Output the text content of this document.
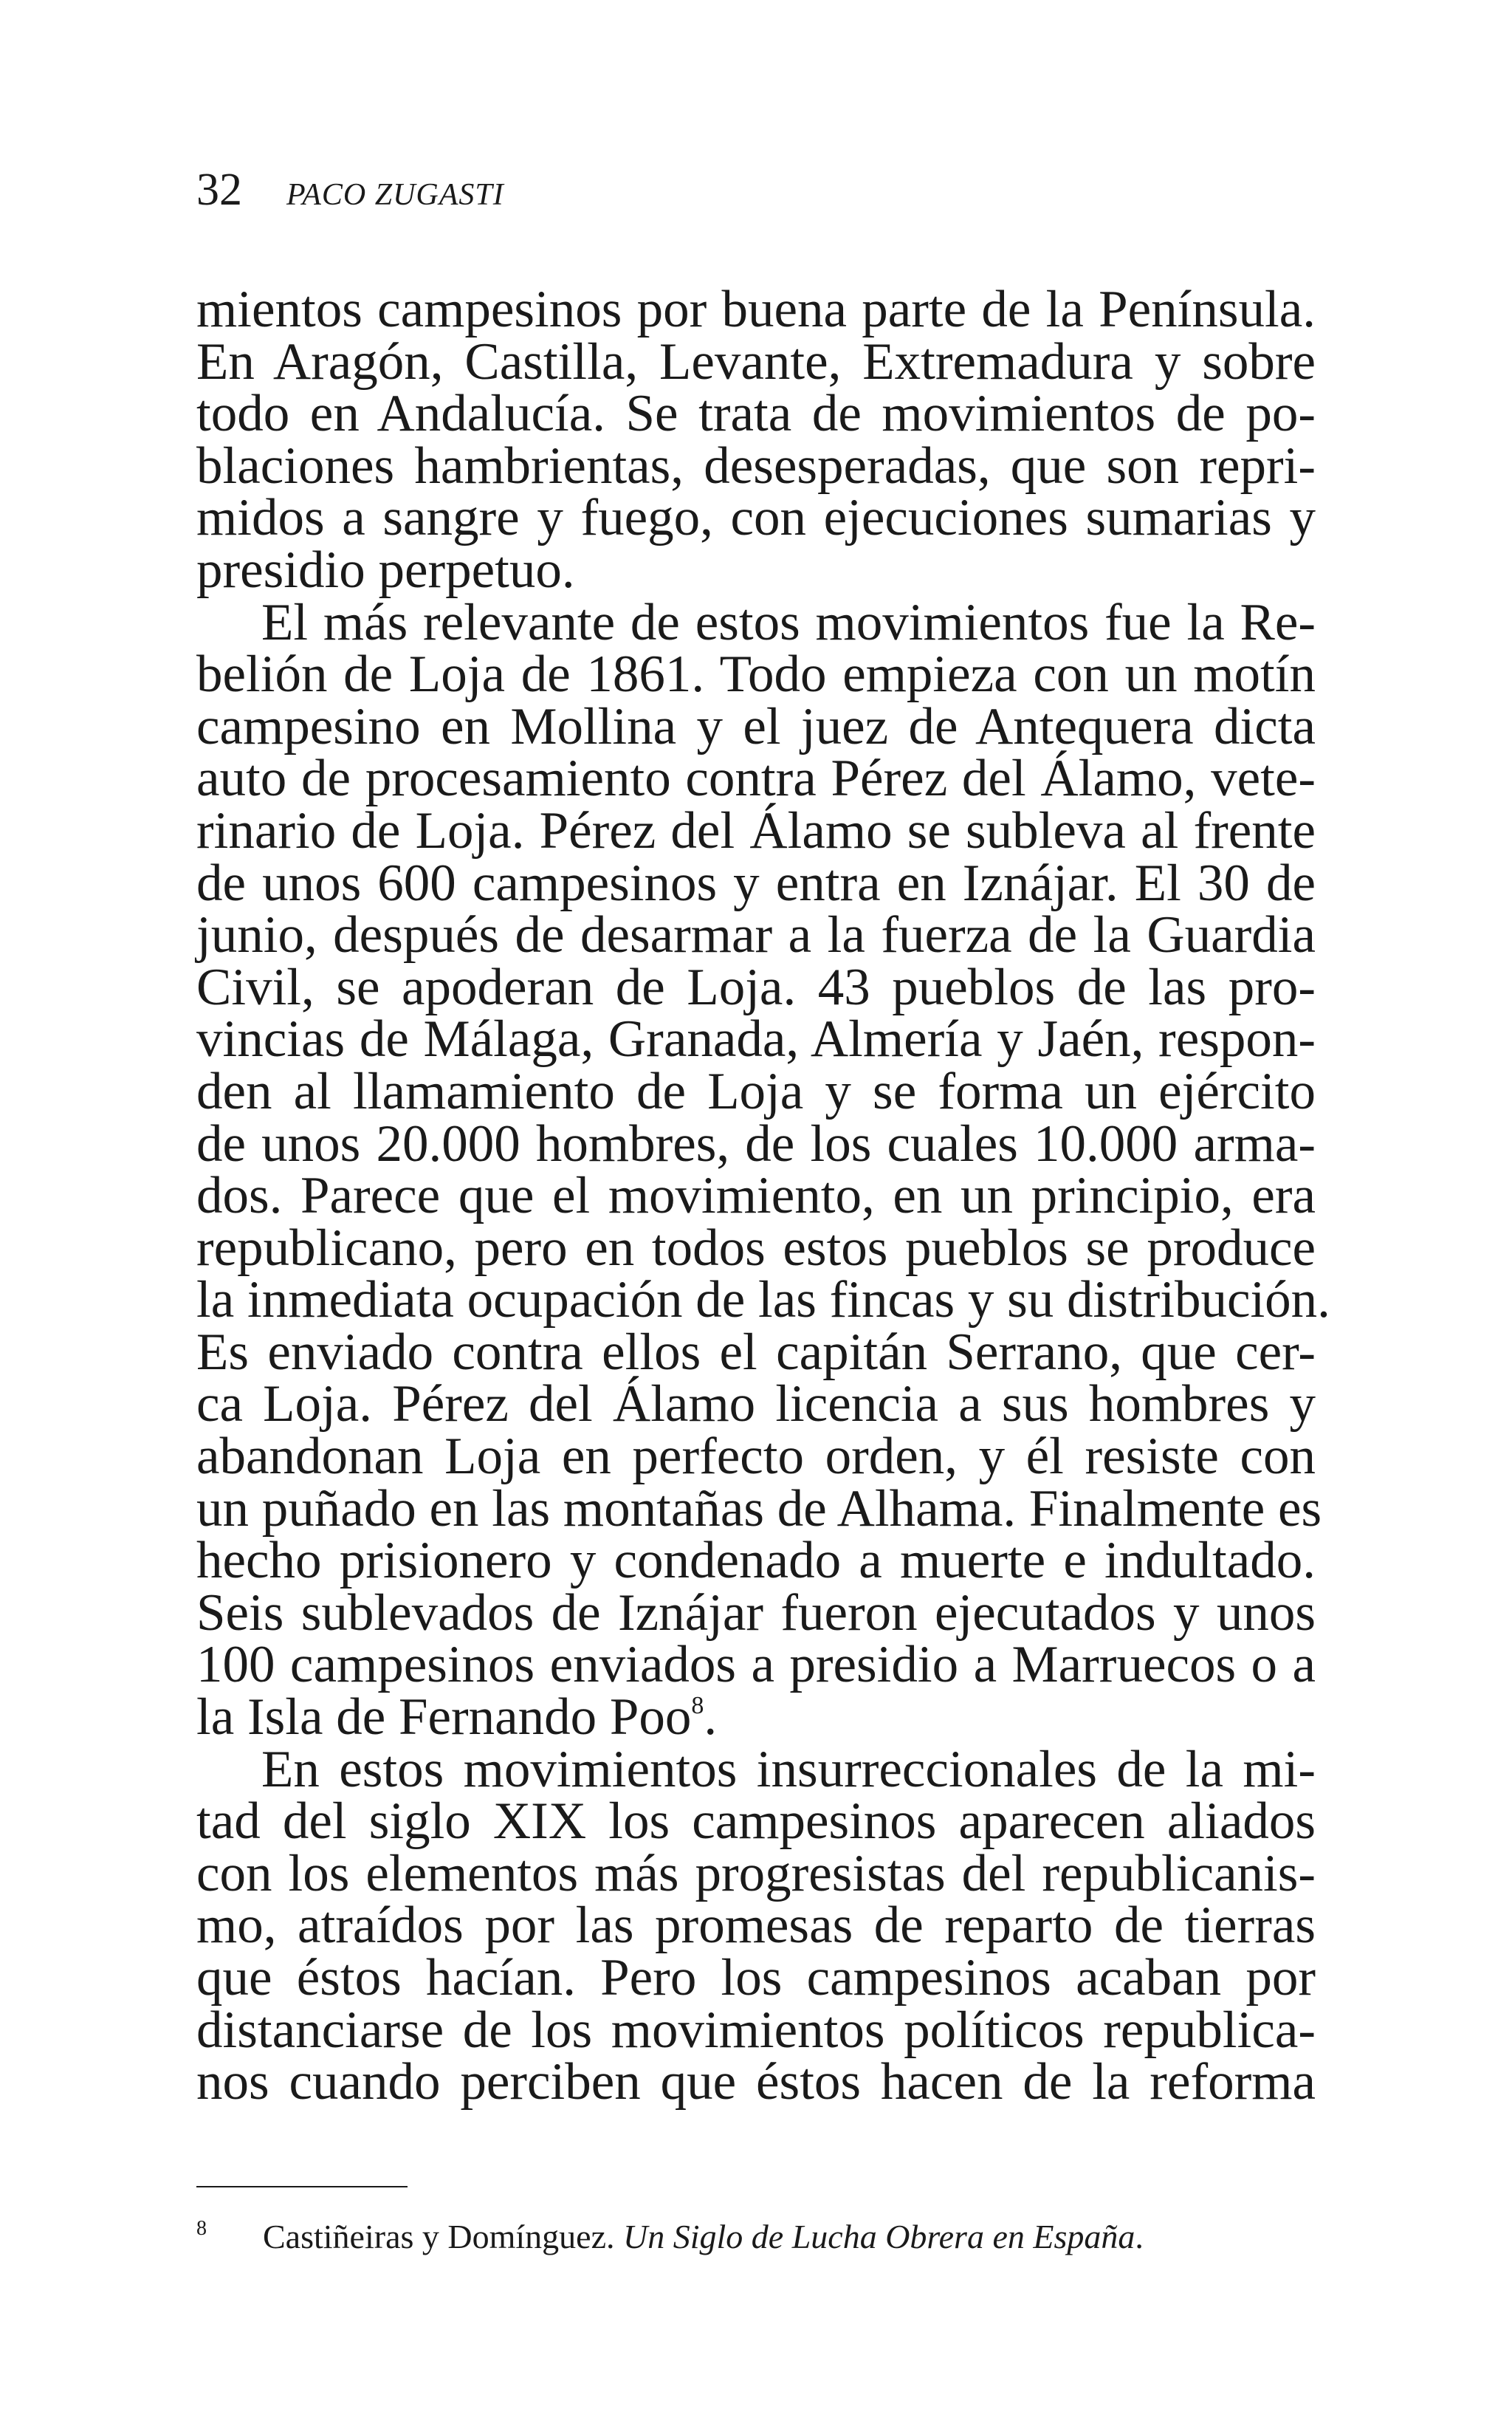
32 PACO ZUGASTI
mientos campesinos por buena parte de la Península.
En Aragón, Castilla, Levante, Extremadura y sobre
todo en Andalucía. Se trata de movimientos de po-
blaciones hambrientas, desesperadas, que son repri-
midos a sangre y fuego, con ejecuciones sumarias y
presidio perpetuo.
El más relevante de estos movimientos fue la Re-
belión de Loja de 1861. Todo empieza con un motín
campesino en Mollina y el juez de Antequera dicta
auto de procesamiento contra Pérez del Álamo, vete-
rinario de Loja. Pérez del Álamo se subleva al frente
de unos 600 campesinos y entra en Iznájar. El 30 de
junio, después de desarmar a la fuerza de la Guardia
Civil, se apoderan de Loja. 43 pueblos de las pro-
vincias de Málaga, Granada, Almería y Jaén, respon-
den al llamamiento de Loja y se forma un ejército
de unos 20.000 hombres, de los cuales 10.000 arma-
dos. Parece que el movimiento, en un principio, era
republicano, pero en todos estos pueblos se produce
la inmediata ocupación de las fincas y su distribución.
Es enviado contra ellos el capitán Serrano, que cer-
ca Loja. Pérez del Álamo licencia a sus hombres y
abandonan Loja en perfecto orden, y él resiste con
un puñado en las montañas de Alhama. Finalmente es
hecho prisionero y condenado a muerte e indultado.
Seis sublevados de Iznájar fueron ejecutados y unos
100 campesinos enviados a presidio a Marruecos o a
la Isla de Fernando Poo$^8$.
En estos movimientos insurreccionales de la mi-
tad del siglo XIX los campesinos aparecen aliados
con los elementos más progresistas del republicanis-
mo, atraídos por las promesas de reparto de tierras
que éstos hacían. Pero los campesinos acaban por
distanciarse de los movimientos políticos republica-
nos cuando perciben que éstos hacen de la reforma
8 Castiñeiras y Domínguez. Un Siglo de Lucha Obrera en España.
